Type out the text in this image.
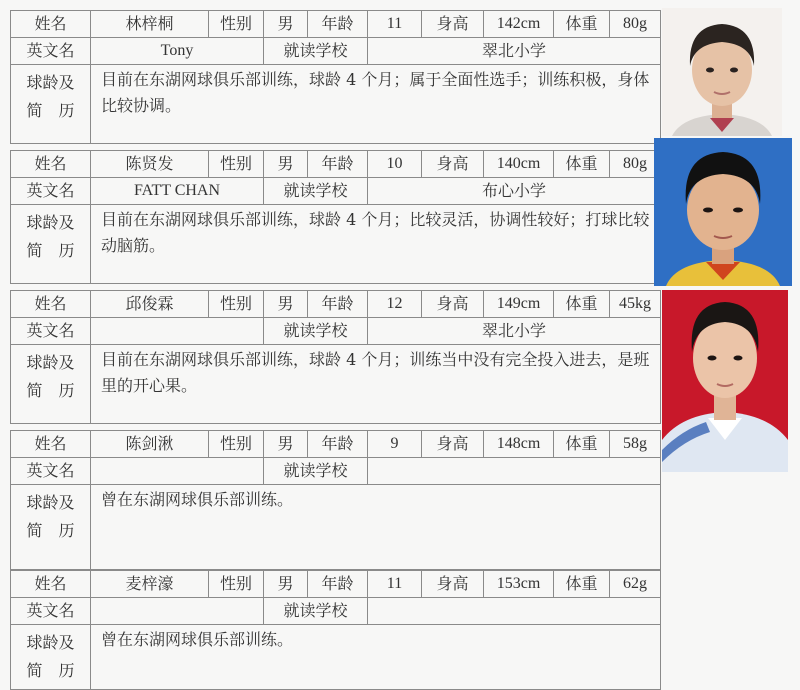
姓名	林梓桐	性别	男	年龄	11	身高	142cm	体重	80g
英文名	Tony		就读学校		翠北小学				
球龄及
简　历	目前在东湖网球俱乐部训练，球龄 4 个月；属于全面性选手；训练积极，身体比较协调。								
姓名	陈贤发	性别	男	年龄	10	身高	140cm	体重	80g
英文名	FATT CHAN		就读学校		布心小学				
球龄及
简　历	目前在东湖网球俱乐部训练，球龄 4 个月；比较灵活，协调性较好；打球比较动脑筋。								
姓名	邱俊霖	性别	男	年龄	12	身高	149cm	体重	45kg
英文名			就读学校		翠北小学				
球龄及
简　历	目前在东湖网球俱乐部训练，球龄 4 个月；训练当中没有完全投入进去，是班里的开心果。								
姓名	陈剑湫	性别	男	年龄	9	身高	148cm	体重	58g
英文名			就读学校						
球龄及
简　历	曾在东湖网球俱乐部训练。								
姓名	麦梓濠	性别	男	年龄	11	身高	153cm	体重	62g
英文名			就读学校						
球龄及
简　历	曾在东湖网球俱乐部训练。								
